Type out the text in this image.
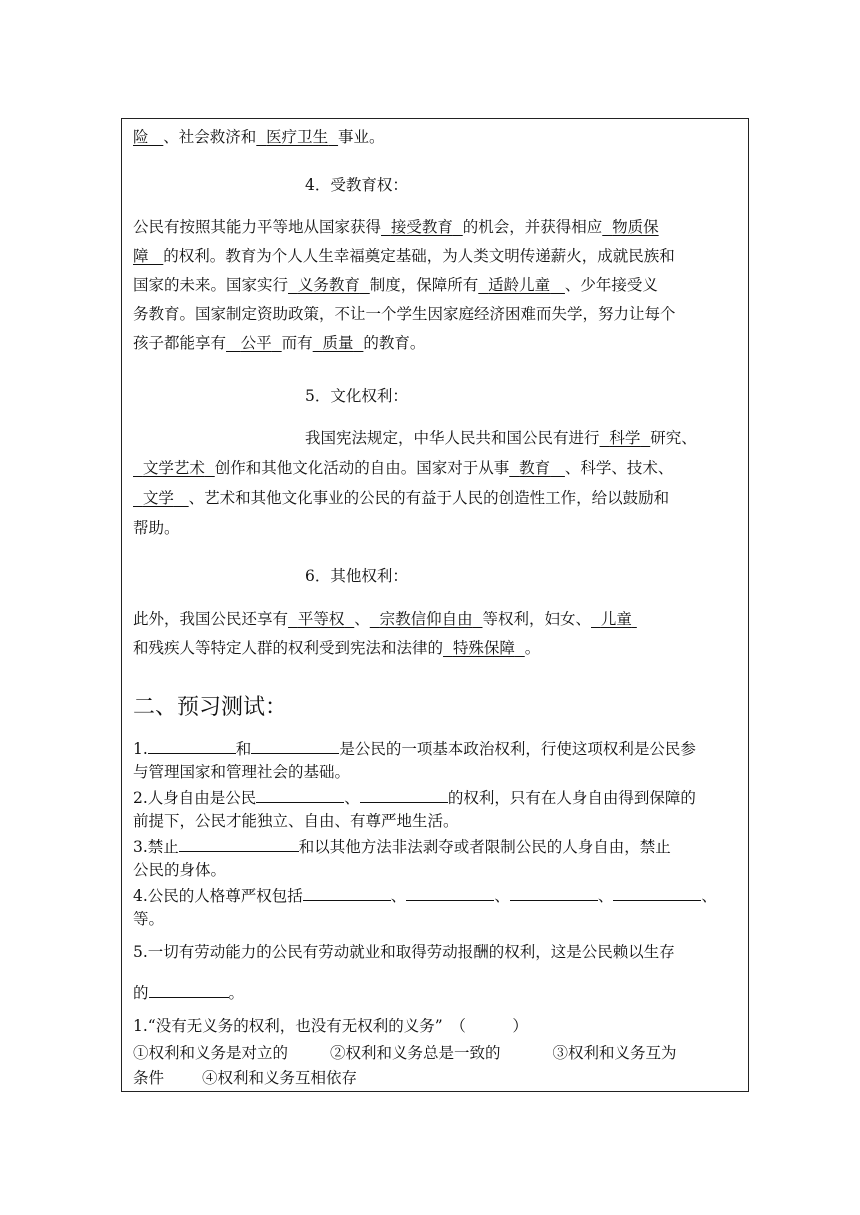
险 、社会救济和 医疗卫生 事业。
4．受教育权：
公民有按照其能力平等地从国家获得 接受教育 的机会，并获得相应 物质保
障 的权利。教育为个人人生幸福奠定基础，为人类文明传递薪火，成就民族和
国家的未来。国家实行 义务教育 制度，保障所有 适龄儿童 、少年接受义
务教育。国家制定资助政策，不让一个学生因家庭经济困难而失学，努力让每个
孩子都能享有 公平 而有 质量 的教育。
5．文化权利：
我国宪法规定，中华人民共和国公民有进行 科学 研究、
文学艺术 创作和其他文化活动的自由。国家对于从事 教育 、科学、技术、
文学 、艺术和其他文化事业的公民的有益于人民的创造性工作，给以鼓励和
帮助。
6．其他权利：
此外，我国公民还享有 平等权 、 宗教信仰自由 等权利，妇女、 儿童
和残疾人等特定人群的权利受到宪法和法律的 特殊保障 。
二、预习测试：
1.	和	是公民的一项基本政治权利，行使这项权利是公民参
与管理国家和管理社会的基础。
2.人身自由是公民	、	的权利，只有在人身自由得到保障的
前提下，公民才能独立、自由、有尊严地生活。
3.禁止	和以其他方法非法剥夺或者限制公民的人身自由，禁止
公民的身体。
4.公民的人格尊严权包括	、	、	、	、
等。
5.一切有劳动能力的公民有劳动就业和取得劳动报酬的权利，这是公民赖以生存
的	。
1.“没有无义务的权利，也没有无权利的义务”　（　　　）
①权利和义务是对立的	②权利和义务总是一致的	③权利和义务互为
条件 ④权利和义务互相依存
